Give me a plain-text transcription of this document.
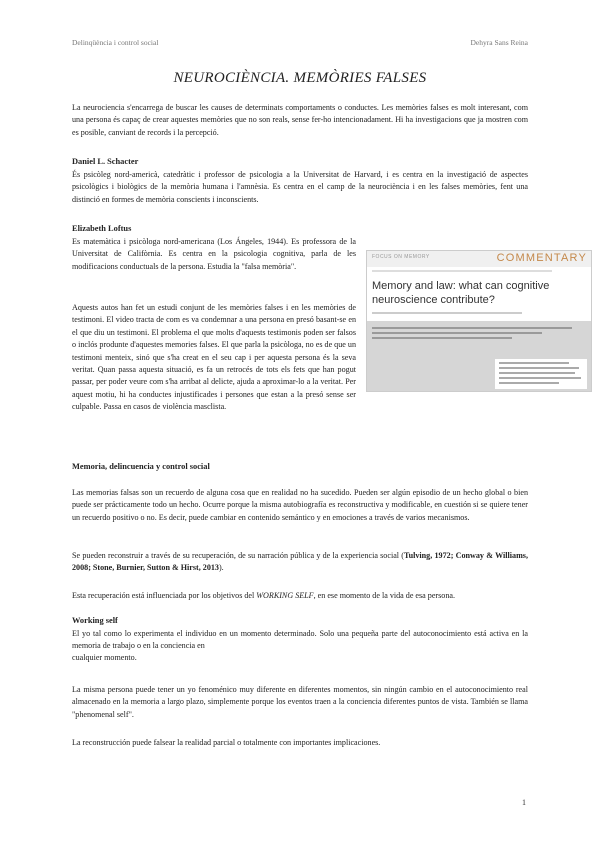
Delinqüència i control social	Dehyra Sans Reina
NEUROCIÈNCIA. MEMÒRIES FALSES

La neurociencia s'encarrega de buscar les causes de determinats comportaments o conductes. Les memòries falses es molt interesant, com una persona és capaç de crear aquestes memòries que no son reals, sense fer-ho intencionadament. Hi ha investigacions que ja mostren com es posible, canviant de records i la percepció.

Daniel L. Schacter

És psicòleg nord-americà, catedràtic i professor de psicologia a la Universitat de Harvard, i es centra en la investigació de aspectes psicològics i biològics de la memòria humana i l'amnèsia. Es centra en el camp de la neurociència i en les falses memòries, fent una distinció en formes de memòria conscients i inconscients.

Elizabeth Loftus

Es matemàtica i psicòloga nord-americana (Los Ángeles, 1944). Es professora de la Universitat de Califòrnia. Es centra en la psicologia cognitiva, parla de les modificacions conductuals de la persona. Estudia la "falsa memòria".

Aquests autos han fet un estudi conjunt de les memòries falses i en les memòries de testimoni. El video tracta de com es va condemnar a una persona en presó basant-se en el que diu un testimoni. El problema el que molts d'aquests testimonis poden ser falsos o inclós produnte d'aquestes memories falses. El que parla la psicòloga, no es de que un testimoni menteix, sinó que s'ha creat en el seu cap i per aquesta persona és la seva veritat. Quan passa aquesta situació, es fa un retrocés de tots els fets que han pogut passar, per poder veure com s'ha arribat al delicte, ajuda a aproximar-lo a la veritat. Per aquest motiu, hi ha conductes injustificades i persones que estan a la presó sense ser culpable. Passa en casos de violència masclista.

FOCUS ON MEMORY	COMMENTARY
Memory and law: what can cognitive neuroscience contribute?

Memoria, delincuencia y control social

Las memorias falsas son un recuerdo de alguna cosa que en realidad no ha sucedido. Pueden ser algún episodio de un hecho global o bien puede ser prácticamente todo un hecho. Ocurre porque la misma autobiografía es reconstructiva y modificable, en cuestión si se quiere tener un recuerdo positivo o no. Es decir, puede cambiar en contenido semántico y en emociones a través de varios mecanismos.

Se pueden reconstruir a través de su recuperación, de su narración pública y de la experiencia social (Tulving, 1972; Conway & Williams, 2008; Stone, Burnier, Sutton & Hirst, 2013).

Esta recuperación está influenciada por los objetivos del WORKING SELF, en ese momento de la vida de esa persona.

Working self

El yo tal como lo experimenta el individuo en un momento determinado. Solo una pequeña parte del autoconocimiento está activa en la memoria de trabajo o en la conciencia en

cualquier momento.

La misma persona puede tener un yo fenoménico muy diferente en diferentes momentos, sin ningún cambio en el autoconocimiento real almacenado en la memoria a largo plazo, simplemente porque los eventos traen a la conciencia diferentes puntos de vista. También se llama "phenomenal self".

La reconstrucción puede falsear la realidad parcial o totalmente con importantes implicaciones.

1
